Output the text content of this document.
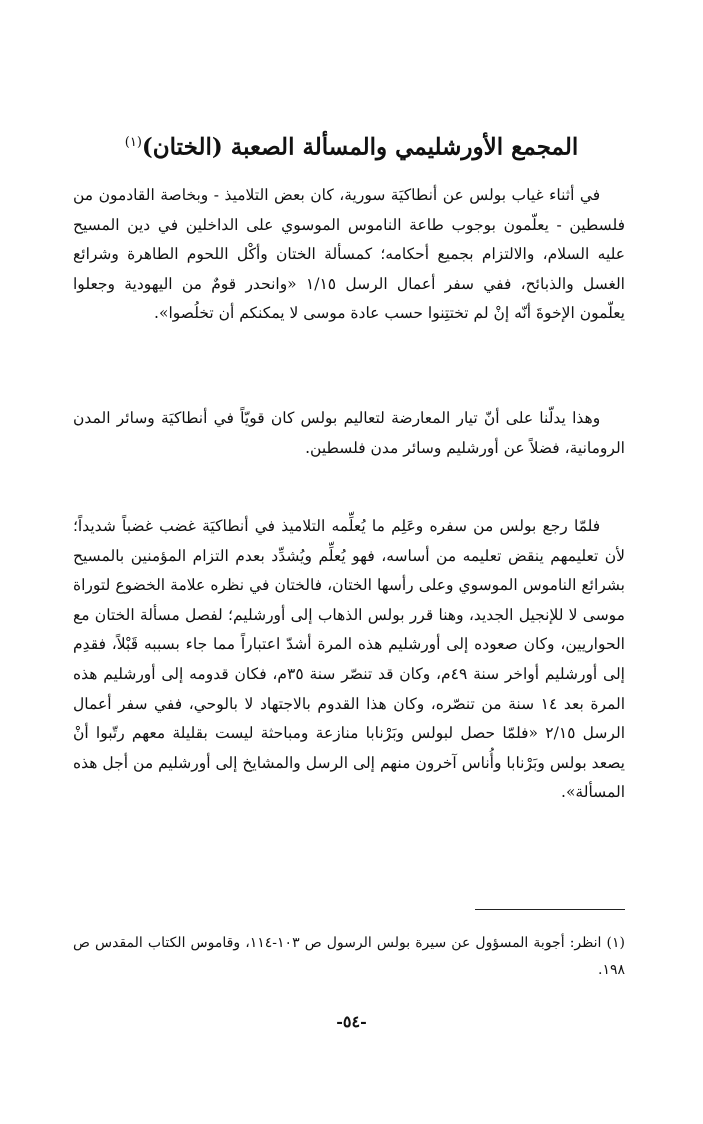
المجمع الأورشليمي والمسألة الصعبة (الختان)$^{(١)}$

في أثناء غياب بولس عن أنطاكيَة سورية، كان بعض التلاميذ - وبخاصة القادمون من فلسطين - يعلّمون بوجوب طاعة الناموس الموسوي على الداخلين في دين المسيح عليه السلام، والالتزام بجميع أحكامه؛ كمسألة الختان وأكْل اللحوم الطاهرة وشرائع الغسل والذبائح، ففي سفر أعمال الرسل ١/١٥ «وانحدر قومٌ من اليهودية وجعلوا يعلّمون الإخوةَ أنّه إنْ لم تختتِنوا حسب عادة موسى لا يمكنكم أن تخلُصوا».

وهذا يدلّنا على أنّ تيار المعارضة لتعاليم بولس كان قويّاً في أنطاكيَة وسائر المدن الرومانية، فضلاً عن أورشليم وسائر مدن فلسطين.

فلمّا رجع بولس من سفره وعَلِم ما يُعلِّمه التلاميذ في أنطاكيَة غضب غضباً شديداً؛ لأن تعليمهم ينقض تعليمه من أساسه، فهو يُعلِّم ويُشدِّد بعدم التزام المؤمنين بالمسيح بشرائع الناموس الموسوي وعلى رأسها الختان، فالختان في نظره علامة الخضوع لتوراة موسى لا للإنجيل الجديد، وهنا قرر بولس الذهاب إلى أورشليم؛ لفصل مسألة الختان مع الحواريين، وكان صعوده إلى أورشليم هذه المرة أشدّ اعتباراً مما جاء بسببه قَبْلاً، فقدِم إلى أورشليم أواخر سنة ٤٩م، وكان قد تنصّر سنة ٣٥م، فكان قدومه إلى أورشليم هذه المرة بعد ١٤ سنة من تنصّره، وكان هذا القدوم بالاجتهاد لا بالوحي، ففي سفر أعمال الرسل ٢/١٥ «فلمّا حصل لبولس وبَرْنابا منازعة ومباحثة ليست بقليلة معهم رتّبوا أنْ يصعد بولس وبَرْنابا وأُناس آخرون منهم إلى الرسل والمشايخ إلى أورشليم من أجل هذه المسألة».

(١) انظر: أجوبة المسؤول عن سيرة بولس الرسول ص ١٠٣-١١٤، وقاموس الكتاب المقدس ص ١٩٨.

-٥٤-
